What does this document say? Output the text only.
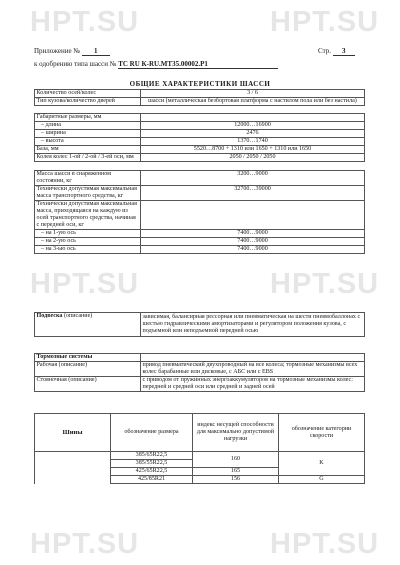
HPT.SU	HPT.SU
HPT.SU	HPT.SU
HPT.SU	HPT.SU
Приложение № 1	Стр. 3
к одобрению типа шасси № ТС RU К-RU.МТ35.00002.Р1
ОБЩИЕ ХАРАКТЕРИСТИКИ ШАССИ
Количество осей/колес	3 / 6
Тип кузова/количество дверей	шасси (металлическая безбортовая платформа с настилом пола или без настила)

Габаритные размеры, мм	
– длина	12000…16900
– ширина	2476
– высота	1370…1740
База, мм	5520…8700 + 1310 или 1650 + 1310 или 1650
Колея колес 1-ой / 2-ой / 3-ей оси, мм	2050 / 2050 / 2050

Масса шасси в снаряженном состоянии, кг	3200…9000
Технически допустимая максимальная масса транспортного средства, кг	32700…39000
Технически допустимая максимальная масса, приходящаяся на каждую из осей транспортного средства, начиная с передней оси, кг	
– на 1-ую ось	7400…9000
– на 2-ую ось	7400…9000
– на 3-ью ось	7400…9000
Подвеска (описание)	зависимая, балансирная рессорная или пневматическая на шести пневмобаллонах с шестью гидравлическими амортизаторами и регулятором положения кузова, с подъемной или неподъемной передней осью
Тормозные системы	
Рабочая (описание)	привод пневматический двухпроводный на все колеса; тормозные механизмы всех колес барабанные или дисковые, с АБС или с EBS
Стояночная (описание)	с приводом от пружинных энергоаккумуляторов на тормозные механизмы колес: передней и средней оси или средней и задней осей
Шины	обозначение размера	индекс несущей способности для максимально допустимой нагрузки	обозначение категории скорости
	385/65R22,5	160	K
	385/55R22,5		
	425/65R22,5	165	
	425/85R21	156	G
